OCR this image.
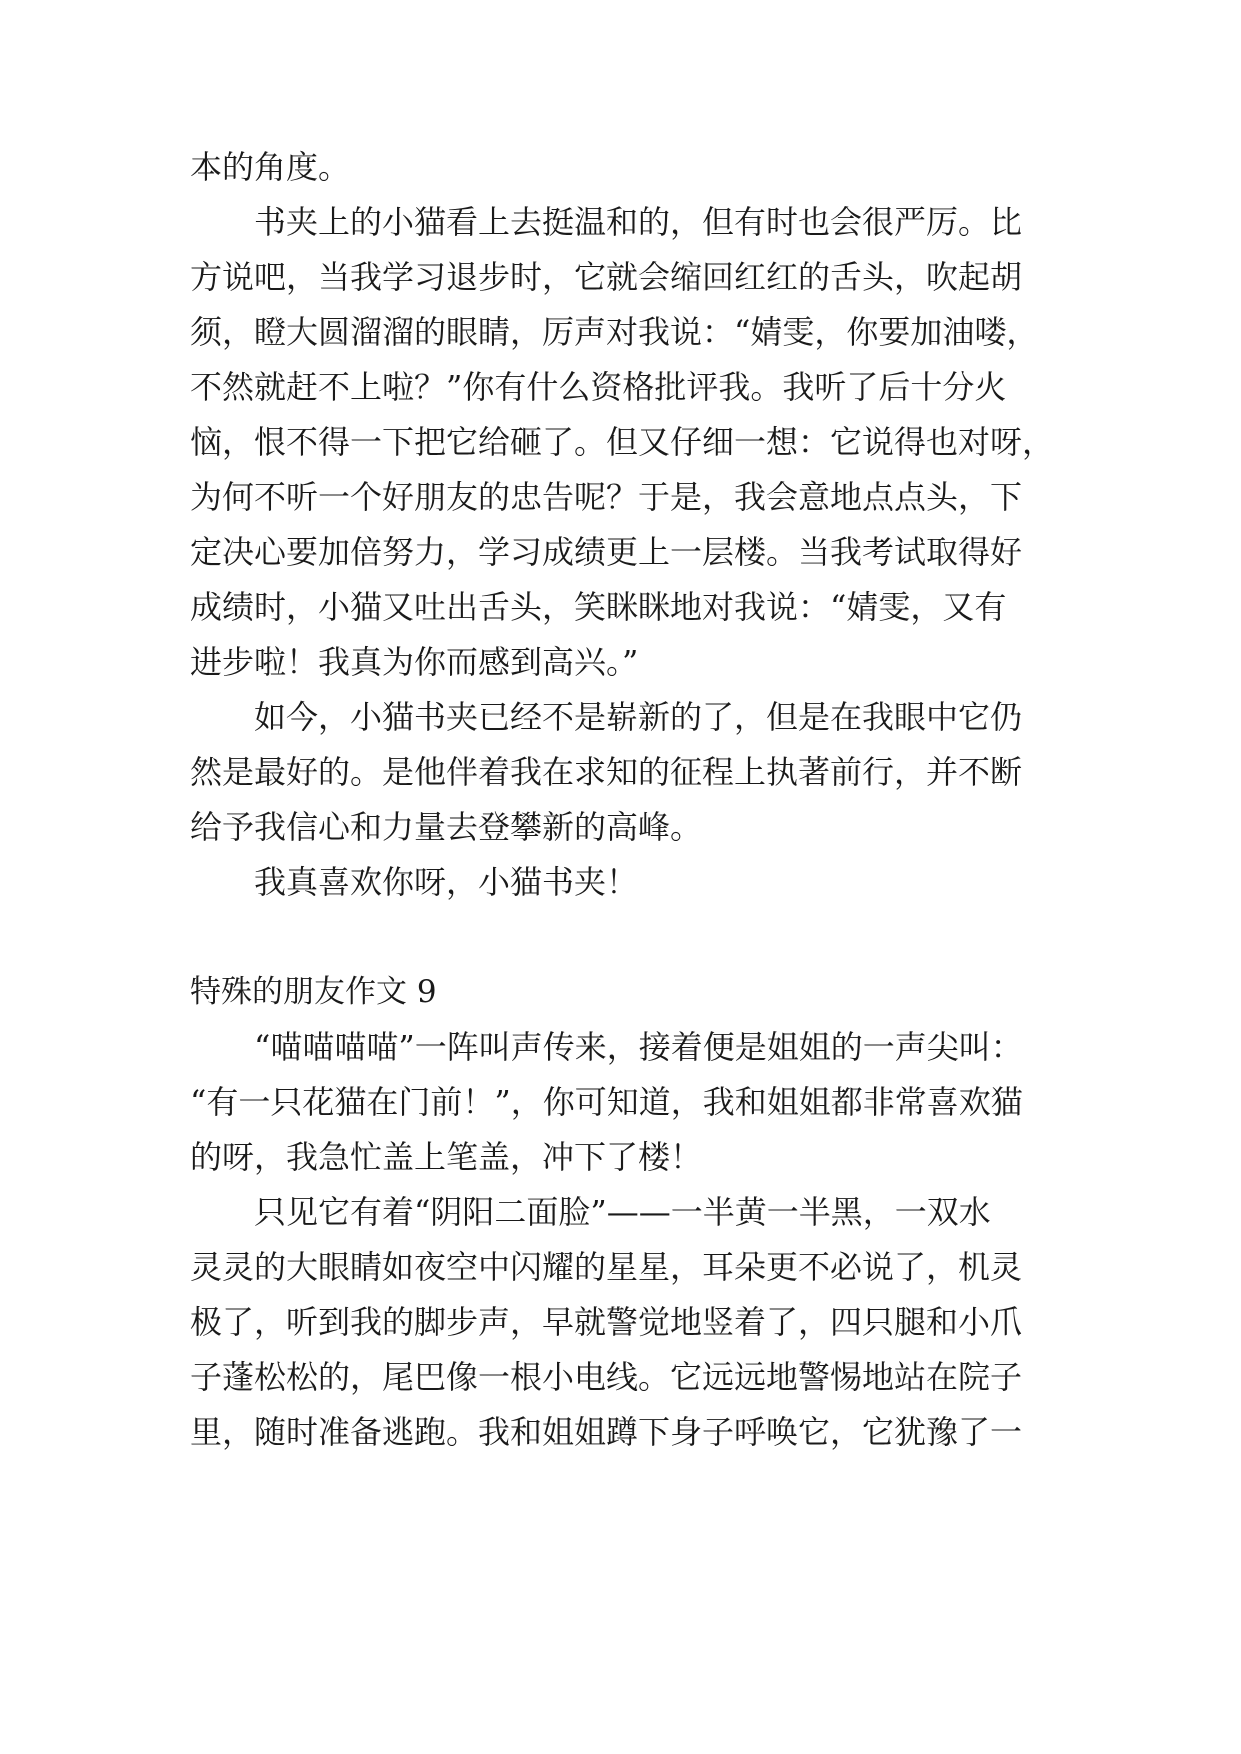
本的角度。
书夹上的小猫看上去挺温和的，但有时也会很严厉。比
方说吧，当我学习退步时，它就会缩回红红的舌头，吹起胡
须，瞪大圆溜溜的眼睛，厉声对我说：“婧雯，你要加油喽，
不然就赶不上啦？”你有什么资格批评我。我听了后十分火
恼，恨不得一下把它给砸了。但又仔细一想：它说得也对呀，
为何不听一个好朋友的忠告呢？于是，我会意地点点头，下
定决心要加倍努力，学习成绩更上一层楼。当我考试取得好
成绩时，小猫又吐出舌头，笑眯眯地对我说：“婧雯，又有
进步啦！我真为你而感到高兴。”
如今，小猫书夹已经不是崭新的了，但是在我眼中它仍
然是最好的。是他伴着我在求知的征程上执著前行，并不断
给予我信心和力量去登攀新的高峰。
我真喜欢你呀，小猫书夹！
特殊的朋友作文 9
“喵喵喵喵”一阵叫声传来，接着便是姐姐的一声尖叫：
“有一只花猫在门前！”，你可知道，我和姐姐都非常喜欢猫
的呀，我急忙盖上笔盖，冲下了楼！
只见它有着“阴阳二面脸”——一半黄一半黑，一双水
灵灵的大眼睛如夜空中闪耀的星星，耳朵更不必说了，机灵
极了，听到我的脚步声，早就警觉地竖着了，四只腿和小爪
子蓬松松的，尾巴像一根小电线。它远远地警惕地站在院子
里，随时准备逃跑。我和姐姐蹲下身子呼唤它，它犹豫了一
